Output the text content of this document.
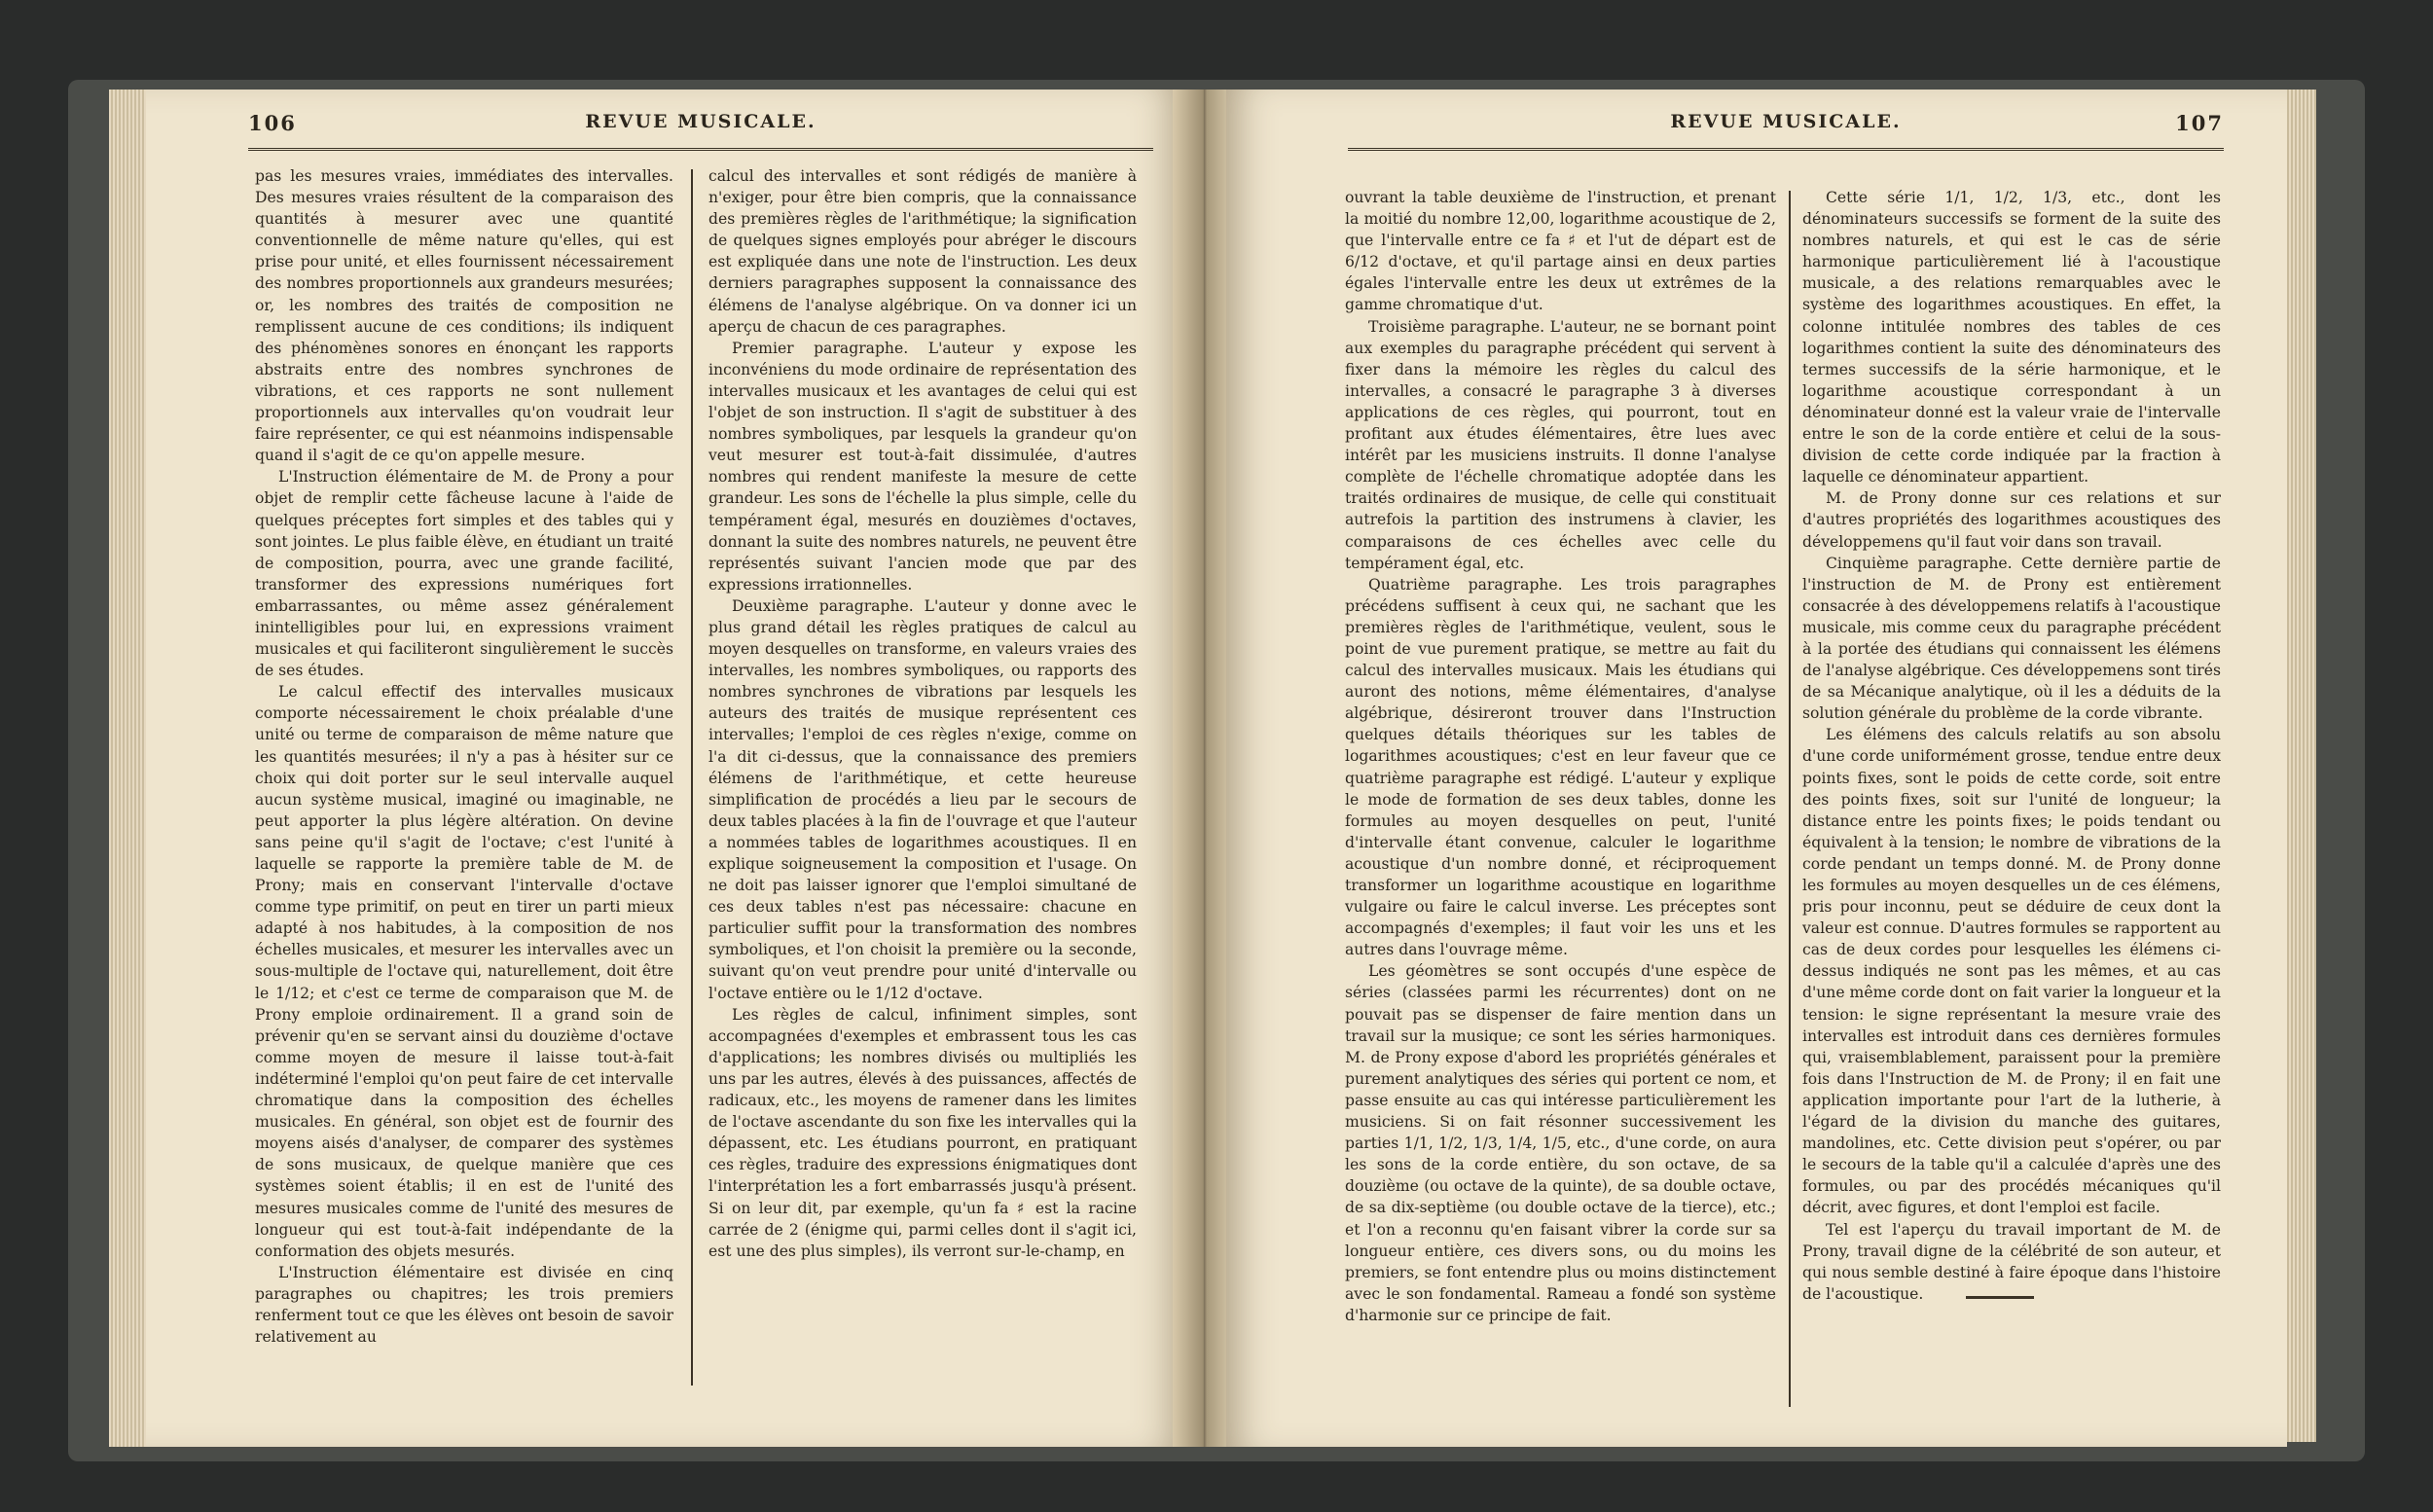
106	REVUE MUSICALE.

pas les mesures vraies, immédiates des intervalles. Des mesures vraies résultent de la comparaison des quantités à mesurer avec une quantité conventionnelle de même nature qu'elles, qui est prise pour unité, et elles fournissent nécessairement des nombres proportionnels aux grandeurs mesurées; or, les nombres des traités de composition ne remplissent aucune de ces conditions; ils indiquent des phénomènes sonores en énonçant les rapports abstraits entre des nombres synchrones de vibrations, et ces rapports ne sont nullement proportionnels aux intervalles qu'on voudrait leur faire représenter, ce qui est néanmoins indispensable quand il s'agit de ce qu'on appelle mesure.

L'Instruction élémentaire de M. de Prony a pour objet de remplir cette fâcheuse lacune à l'aide de quelques préceptes fort simples et des tables qui y sont jointes. Le plus faible élève, en étudiant un traité de composition, pourra, avec une grande facilité, transformer des expressions numériques fort embarrassantes, ou même assez généralement inintelligibles pour lui, en expressions vraiment musicales et qui faciliteront singulièrement le succès de ses études.

Le calcul effectif des intervalles musicaux comporte nécessairement le choix préalable d'une unité ou terme de comparaison de même nature que les quantités mesurées; il n'y a pas à hésiter sur ce choix qui doit porter sur le seul intervalle auquel aucun système musical, imaginé ou imaginable, ne peut apporter la plus légère altération. On devine sans peine qu'il s'agit de l'octave; c'est l'unité à laquelle se rapporte la première table de M. de Prony; mais en conservant l'intervalle d'octave comme type primitif, on peut en tirer un parti mieux adapté à nos habitudes, à la composition de nos échelles musicales, et mesurer les intervalles avec un sous-multiple de l'octave qui, naturellement, doit être le 1/12; et c'est ce terme de comparaison que M. de Prony emploie ordinairement. Il a grand soin de prévenir qu'en se servant ainsi du douzième d'octave comme moyen de mesure il laisse tout-à-fait indéterminé l'emploi qu'on peut faire de cet intervalle chromatique dans la composition des échelles musicales. En général, son objet est de fournir des moyens aisés d'analyser, de comparer des systèmes de sons musicaux, de quelque manière que ces systèmes soient établis; il en est de l'unité des mesures musicales comme de l'unité des mesures de longueur qui est tout-à-fait indépendante de la conformation des objets mesurés.

L'Instruction élémentaire est divisée en cinq paragraphes ou chapitres; les trois premiers renferment tout ce que les élèves ont besoin de savoir relativement au

calcul des intervalles et sont rédigés de manière à n'exiger, pour être bien compris, que la connaissance des premières règles de l'arithmétique; la signification de quelques signes employés pour abréger le discours est expliquée dans une note de l'instruction. Les deux derniers paragraphes supposent la connaissance des élémens de l'analyse algébrique. On va donner ici un aperçu de chacun de ces paragraphes.

Premier paragraphe. L'auteur y expose les inconvéniens du mode ordinaire de représentation des intervalles musicaux et les avantages de celui qui est l'objet de son instruction. Il s'agit de substituer à des nombres symboliques, par lesquels la grandeur qu'on veut mesurer est tout-à-fait dissimulée, d'autres nombres qui rendent manifeste la mesure de cette grandeur. Les sons de l'échelle la plus simple, celle du tempérament égal, mesurés en douzièmes d'octaves, donnant la suite des nombres naturels, ne peuvent être représentés suivant l'ancien mode que par des expressions irrationnelles.

Deuxième paragraphe. L'auteur y donne avec le plus grand détail les règles pratiques de calcul au moyen desquelles on transforme, en valeurs vraies des intervalles, les nombres symboliques, ou rapports des nombres synchrones de vibrations par lesquels les auteurs des traités de musique représentent ces intervalles; l'emploi de ces règles n'exige, comme on l'a dit ci-dessus, que la connaissance des premiers élémens de l'arithmétique, et cette heureuse simplification de procédés a lieu par le secours de deux tables placées à la fin de l'ouvrage et que l'auteur a nommées tables de logarithmes acoustiques. Il en explique soigneusement la composition et l'usage. On ne doit pas laisser ignorer que l'emploi simultané de ces deux tables n'est pas nécessaire: chacune en particulier suffit pour la transformation des nombres symboliques, et l'on choisit la première ou la seconde, suivant qu'on veut prendre pour unité d'intervalle ou l'octave entière ou le 1/12 d'octave.

Les règles de calcul, infiniment simples, sont accompagnées d'exemples et embrassent tous les cas d'applications; les nombres divisés ou multipliés les uns par les autres, élevés à des puissances, affectés de radicaux, etc., les moyens de ramener dans les limites de l'octave ascendante du son fixe les intervalles qui la dépassent, etc. Les étudians pourront, en pratiquant ces règles, traduire des expressions énigmatiques dont l'interprétation les a fort embarrassés jusqu'à présent. Si on leur dit, par exemple, qu'un fa ♯ est la racine carrée de 2 (énigme qui, parmi celles dont il s'agit ici, est une des plus simples), ils verront sur-le-champ, en

REVUE MUSICALE.	107

ouvrant la table deuxième de l'instruction, et prenant la moitié du nombre 12,00, logarithme acoustique de 2, que l'intervalle entre ce fa ♯ et l'ut de départ est de 6/12 d'octave, et qu'il partage ainsi en deux parties égales l'intervalle entre les deux ut extrêmes de la gamme chromatique d'ut.

Troisième paragraphe. L'auteur, ne se bornant point aux exemples du paragraphe précédent qui servent à fixer dans la mémoire les règles du calcul des intervalles, a consacré le paragraphe 3 à diverses applications de ces règles, qui pourront, tout en profitant aux études élémentaires, être lues avec intérêt par les musiciens instruits. Il donne l'analyse complète de l'échelle chromatique adoptée dans les traités ordinaires de musique, de celle qui constituait autrefois la partition des instrumens à clavier, les comparaisons de ces échelles avec celle du tempérament égal, etc.

Quatrième paragraphe. Les trois paragraphes précédens suffisent à ceux qui, ne sachant que les premières règles de l'arithmétique, veulent, sous le point de vue purement pratique, se mettre au fait du calcul des intervalles musicaux. Mais les étudians qui auront des notions, même élémentaires, d'analyse algébrique, désireront trouver dans l'Instruction quelques détails théoriques sur les tables de logarithmes acoustiques; c'est en leur faveur que ce quatrième paragraphe est rédigé. L'auteur y explique le mode de formation de ses deux tables, donne les formules au moyen desquelles on peut, l'unité d'intervalle étant convenue, calculer le logarithme acoustique d'un nombre donné, et réciproquement transformer un logarithme acoustique en logarithme vulgaire ou faire le calcul inverse. Les préceptes sont accompagnés d'exemples; il faut voir les uns et les autres dans l'ouvrage même.

Les géomètres se sont occupés d'une espèce de séries (classées parmi les récurrentes) dont on ne pouvait pas se dispenser de faire mention dans un travail sur la musique; ce sont les séries harmoniques. M. de Prony expose d'abord les propriétés générales et purement analytiques des séries qui portent ce nom, et passe ensuite au cas qui intéresse particulièrement les musiciens. Si on fait résonner successivement les parties 1/1, 1/2, 1/3, 1/4, 1/5, etc., d'une corde, on aura les sons de la corde entière, du son octave, de sa douzième (ou octave de la quinte), de sa double octave, de sa dix-septième (ou double octave de la tierce), etc.; et l'on a reconnu qu'en faisant vibrer la corde sur sa longueur entière, ces divers sons, ou du moins les premiers, se font entendre plus ou moins distinctement avec le son fondamental. Rameau a fondé son système d'harmonie sur ce principe de fait.

Cette série 1/1, 1/2, 1/3, etc., dont les dénominateurs successifs se forment de la suite des nombres naturels, et qui est le cas de série harmonique particulièrement lié à l'acoustique musicale, a des relations remarquables avec le système des logarithmes acoustiques. En effet, la colonne intitulée nombres des tables de ces logarithmes contient la suite des dénominateurs des termes successifs de la série harmonique, et le logarithme acoustique correspondant à un dénominateur donné est la valeur vraie de l'intervalle entre le son de la corde entière et celui de la sous-division de cette corde indiquée par la fraction à laquelle ce dénominateur appartient.

M. de Prony donne sur ces relations et sur d'autres propriétés des logarithmes acoustiques des développemens qu'il faut voir dans son travail.

Cinquième paragraphe. Cette dernière partie de l'instruction de M. de Prony est entièrement consacrée à des développemens relatifs à l'acoustique musicale, mis comme ceux du paragraphe précédent à la portée des étudians qui connaissent les élémens de l'analyse algébrique. Ces développemens sont tirés de sa Mécanique analytique, où il les a déduits de la solution générale du problème de la corde vibrante.

Les élémens des calculs relatifs au son absolu d'une corde uniformément grosse, tendue entre deux points fixes, sont le poids de cette corde, soit entre des points fixes, soit sur l'unité de longueur; la distance entre les points fixes; le poids tendant ou équivalent à la tension; le nombre de vibrations de la corde pendant un temps donné. M. de Prony donne les formules au moyen desquelles un de ces élémens, pris pour inconnu, peut se déduire de ceux dont la valeur est connue. D'autres formules se rapportent au cas de deux cordes pour lesquelles les élémens ci-dessus indiqués ne sont pas les mêmes, et au cas d'une même corde dont on fait varier la longueur et la tension: le signe représentant la mesure vraie des intervalles est introduit dans ces dernières formules qui, vraisemblablement, paraissent pour la première fois dans l'Instruction de M. de Prony; il en fait une application importante pour l'art de la lutherie, à l'égard de la division du manche des guitares, mandolines, etc. Cette division peut s'opérer, ou par le secours de la table qu'il a calculée d'après une des formules, ou par des procédés mécaniques qu'il décrit, avec figures, et dont l'emploi est facile.

Tel est l'aperçu du travail important de M. de Prony, travail digne de la célébrité de son auteur, et qui nous semble destiné à faire époque dans l'histoire de l'acoustique.
